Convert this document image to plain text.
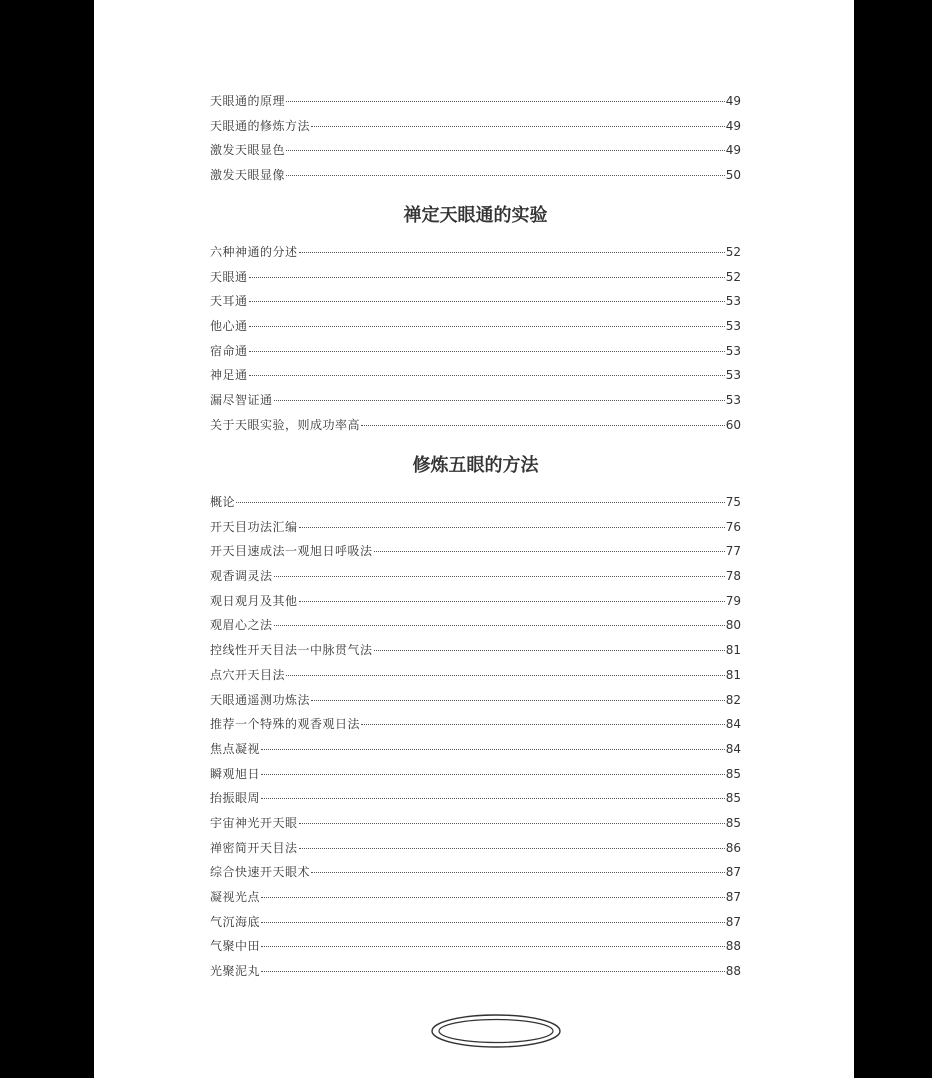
天眼通的原理	49
天眼通的修炼方法	49
激发天眼显色	49
激发天眼显像	50
禅定天眼通的实验
六种神通的分述	52
天眼通	52
天耳通	53
他心通	53
宿命通	53
神足通	53
漏尽智证通	53
关于天眼实验，则成功率高	60
修炼五眼的方法
概论	75
开天目功法汇编	76
开天目速成法一观旭日呼吸法	77
观香调灵法	78
观日观月及其他	79
观眉心之法	80
控线性开天目法一中脉贯气法	81
点穴开天目法	81
天眼通遥测功炼法	82
推荐一个特殊的观香观日法	84
焦点凝视	84
瞬观旭日	85
抬振眼周	85
宇宙神光开天眼	85
禅密简开天目法	86
综合快速开天眼术	87
凝视光点	87
气沉海底	87
气聚中田	88
光聚泥丸	88
